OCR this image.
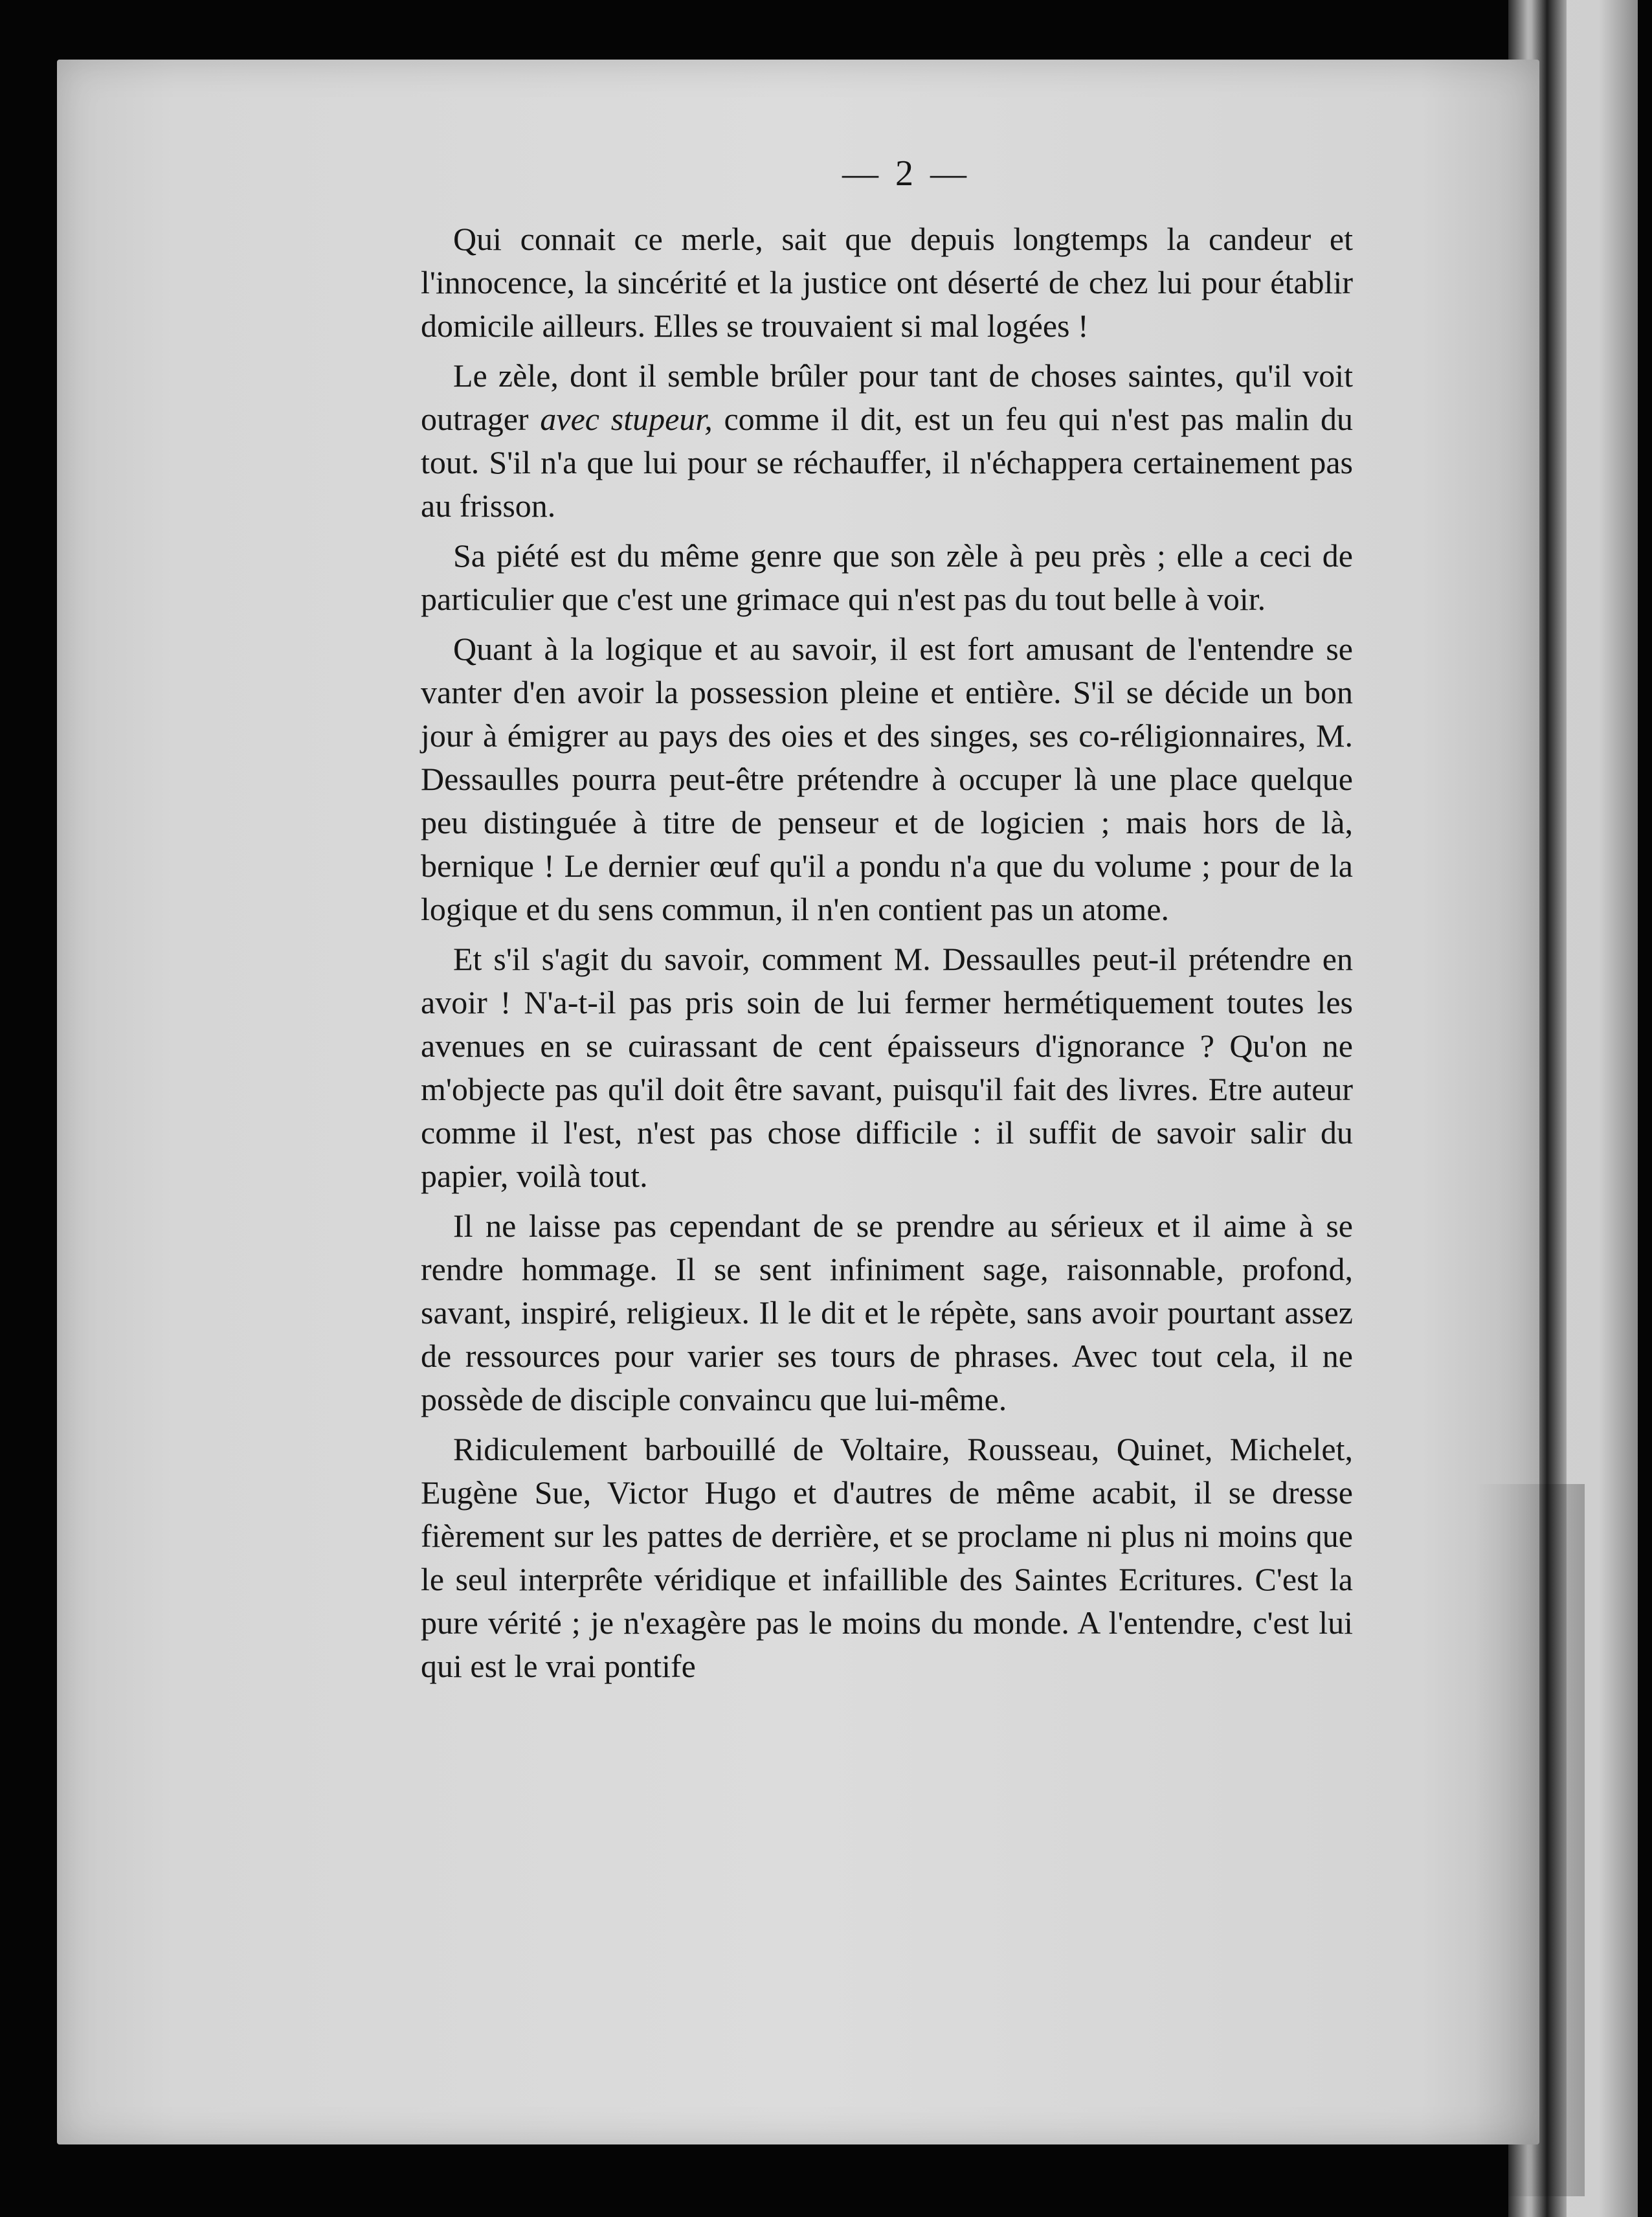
— 2 —

Qui connait ce merle, sait que depuis longtemps la candeur et l'innocence, la sincérité et la justice ont déserté de chez lui pour établir domicile ailleurs. Elles se trouvaient si mal logées !

Le zèle, dont il semble brûler pour tant de choses saintes, qu'il voit outrager avec stupeur, comme il dit, est un feu qui n'est pas malin du tout. S'il n'a que lui pour se réchauffer, il n'échappera certainement pas au frisson.

Sa piété est du même genre que son zèle à peu près ; elle a ceci de particulier que c'est une grimace qui n'est pas du tout belle à voir.

Quant à la logique et au savoir, il est fort amusant de l'entendre se vanter d'en avoir la possession pleine et entière. S'il se décide un bon jour à émigrer au pays des oies et des singes, ses co-réligionnaires, M. Dessaulles pourra peut-être prétendre à occuper là une place quelque peu distinguée à titre de penseur et de logicien ; mais hors de là, bernique ! Le dernier œuf qu'il a pondu n'a que du volume ; pour de la logique et du sens commun, il n'en contient pas un atome.

Et s'il s'agit du savoir, comment M. Dessaulles peut-il prétendre en avoir ! N'a-t-il pas pris soin de lui fermer hermétiquement toutes les avenues en se cuirassant de cent épaisseurs d'ignorance ? Qu'on ne m'objecte pas qu'il doit être savant, puisqu'il fait des livres. Etre auteur comme il l'est, n'est pas chose difficile : il suffit de savoir salir du papier, voilà tout.

Il ne laisse pas cependant de se prendre au sérieux et il aime à se rendre hommage. Il se sent infiniment sage, raisonnable, profond, savant, inspiré, religieux. Il le dit et le répète, sans avoir pourtant assez de ressources pour varier ses tours de phrases. Avec tout cela, il ne possède de disciple convaincu que lui-même.

Ridiculement barbouillé de Voltaire, Rousseau, Quinet, Michelet, Eugène Sue, Victor Hugo et d'autres de même acabit, il se dresse fièrement sur les pattes de derrière, et se proclame ni plus ni moins que le seul interprête véridique et infaillible des Saintes Ecritures. C'est la pure vérité ; je n'exagère pas le moins du monde. A l'entendre, c'est lui qui est le vrai pontife
